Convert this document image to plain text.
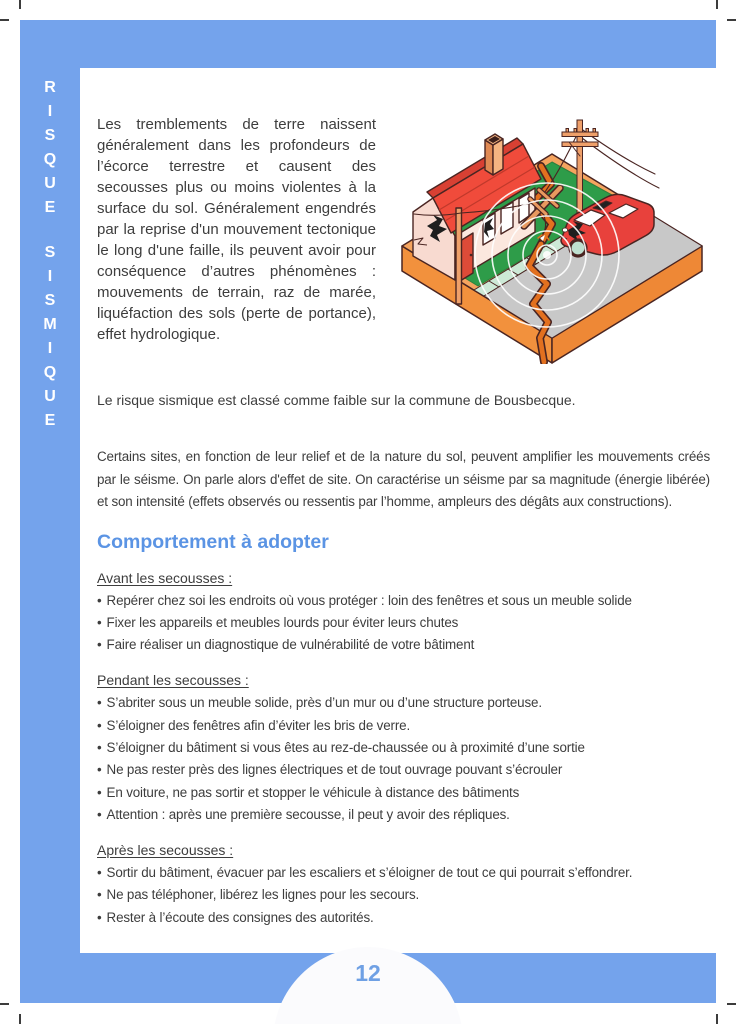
R
I
S
Q
U
E
S
I
S
M
I
Q
U
E

Les tremblements de terre naissent généralement dans les profondeurs de l’écorce terrestre et causent des secousses plus ou moins violentes à la surface du sol. Généralement engendrés par la reprise d'un mouvement tectonique le long d'une faille, ils peuvent avoir pour conséquence d’autres phénomènes : mouvements de terrain, raz de marée, liquéfaction des sols (perte de portance), effet hydrologique.

Le risque sismique est classé comme faible sur la commune de Bousbecque.

Certains sites, en fonction de leur relief et de la nature du sol, peuvent amplifier les mouvements créés par le séisme. On parle alors d'effet de site. On caractérise un séisme par sa magnitude (énergie libérée) et son intensité (effets observés ou ressentis par l’homme, ampleurs des dégâts aux constructions).

Comportement à adopter
Avant les secousses :
• Repérer chez soi les endroits où vous protéger : loin des fenêtres et sous un meuble solide
• Fixer les appareils et meubles lourds pour éviter leurs chutes
• Faire réaliser un diagnostique de vulnérabilité de votre bâtiment
Pendant les secousses :
• S’abriter sous un meuble solide, près d’un mur ou d’une structure porteuse.
• S’éloigner des fenêtres afin d’éviter les bris de verre.
• S’éloigner du bâtiment si vous êtes au rez-de-chaussée ou à proximité d’une sortie
• Ne pas rester près des lignes électriques et de tout ouvrage pouvant s’écrouler
• En voiture, ne pas sortir et stopper le véhicule à distance des bâtiments
• Attention : après une première secousse, il peut y avoir des répliques.
Après les secousses :
• Sortir du bâtiment, évacuer par les escaliers et s’éloigner de tout ce qui pourrait s’effondrer.
• Ne pas téléphoner, libérez les lignes pour les secours.
• Rester à l’écoute des consignes des autorités.
12
